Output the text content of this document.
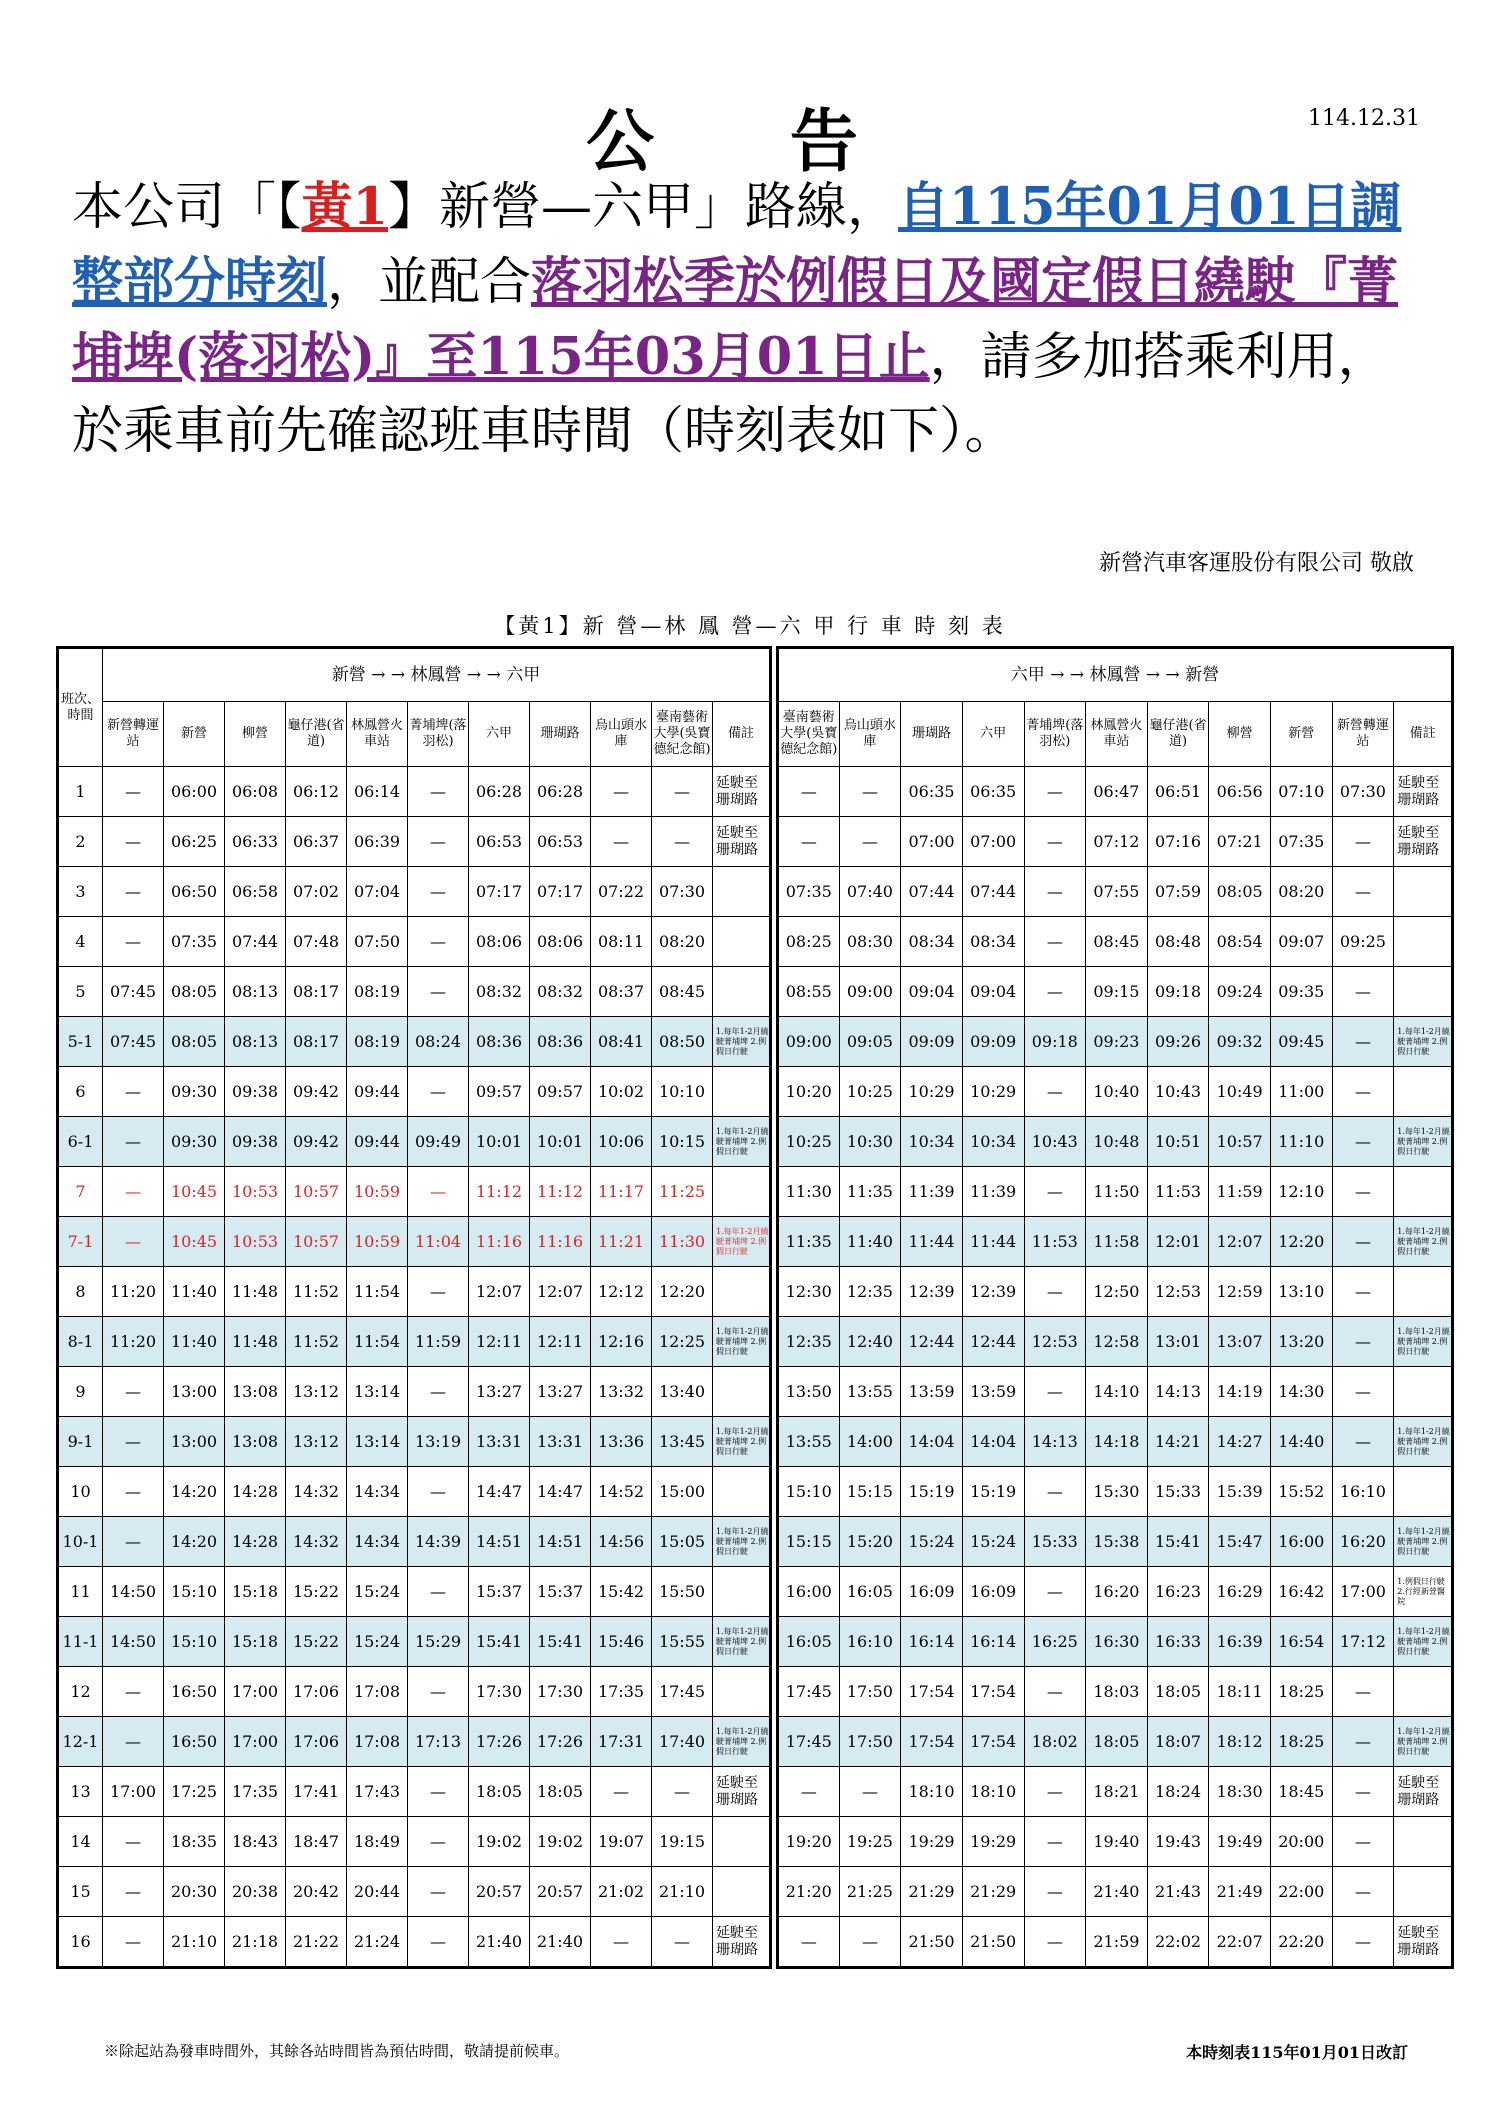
公 告	114.12.31
本公司「【黃1】新營—六甲」路線，自115年01月01日調整部分時刻，並配合落羽松季於例假日及國定假日繞駛『菁埔埤(落羽松)』至115年03月01日止，請多加搭乘利用，於乘車前先確認班車時間（時刻表如下）。
新營汽車客運股份有限公司 敬啟
【黃1】新 營—林 鳳 營—六 甲 行 車 時 刻 表
班次、時間	新營 → → 林鳳營 → → 六甲										
	新營轉運站	新營	柳營	龜仔港(省道)	林鳳營火車站	菁埔埤(落羽松)	六甲	珊瑚路	烏山頭水庫	臺南藝術大學(吳寶德紀念館)	備註
1	—	06:00	06:08	06:12	06:14	—	06:28	06:28	—	—	延駛至珊瑚路
2	—	06:25	06:33	06:37	06:39	—	06:53	06:53	—	—	延駛至珊瑚路
3	—	06:50	06:58	07:02	07:04	—	07:17	07:17	07:22	07:30	
4	—	07:35	07:44	07:48	07:50	—	08:06	08:06	08:11	08:20	
5	07:45	08:05	08:13	08:17	08:19	—	08:32	08:32	08:37	08:45	
5-1	07:45	08:05	08:13	08:17	08:19	08:24	08:36	08:36	08:41	08:50	1.每年1-2月繞駛菁埔埤 2.例假日行駛
6	—	09:30	09:38	09:42	09:44	—	09:57	09:57	10:02	10:10	
6-1	—	09:30	09:38	09:42	09:44	09:49	10:01	10:01	10:06	10:15	1.每年1-2月繞駛菁埔埤 2.例假日行駛
7	—	10:45	10:53	10:57	10:59	—	11:12	11:12	11:17	11:25	
7-1	—	10:45	10:53	10:57	10:59	11:04	11:16	11:16	11:21	11:30	1.每年1-2月繞駛菁埔埤 2.例假日行駛
8	11:20	11:40	11:48	11:52	11:54	—	12:07	12:07	12:12	12:20	
8-1	11:20	11:40	11:48	11:52	11:54	11:59	12:11	12:11	12:16	12:25	1.每年1-2月繞駛菁埔埤 2.例假日行駛
9	—	13:00	13:08	13:12	13:14	—	13:27	13:27	13:32	13:40	
9-1	—	13:00	13:08	13:12	13:14	13:19	13:31	13:31	13:36	13:45	1.每年1-2月繞駛菁埔埤 2.例假日行駛
10	—	14:20	14:28	14:32	14:34	—	14:47	14:47	14:52	15:00	
10-1	—	14:20	14:28	14:32	14:34	14:39	14:51	14:51	14:56	15:05	1.每年1-2月繞駛菁埔埤 2.例假日行駛
11	14:50	15:10	15:18	15:22	15:24	—	15:37	15:37	15:42	15:50	
11-1	14:50	15:10	15:18	15:22	15:24	15:29	15:41	15:41	15:46	15:55	1.每年1-2月繞駛菁埔埤 2.例假日行駛
12	—	16:50	17:00	17:06	17:08	—	17:30	17:30	17:35	17:45	
12-1	—	16:50	17:00	17:06	17:08	17:13	17:26	17:26	17:31	17:40	1.每年1-2月繞駛菁埔埤 2.例假日行駛
13	17:00	17:25	17:35	17:41	17:43	—	18:05	18:05	—	—	延駛至珊瑚路
14	—	18:35	18:43	18:47	18:49	—	19:02	19:02	19:07	19:15	
15	—	20:30	20:38	20:42	20:44	—	20:57	20:57	21:02	21:10	
16	—	21:10	21:18	21:22	21:24	—	21:40	21:40	—	—	延駛至珊瑚路
六甲 → → 林鳳營 → → 新營										
臺南藝術大學(吳寶德紀念館)	烏山頭水庫	珊瑚路	六甲	菁埔埤(落羽松)	林鳳營火車站	龜仔港(省道)	柳營	新營	新營轉運站	備註
—	—	06:35	06:35	—	06:47	06:51	06:56	07:10	07:30	延駛至珊瑚路
—	—	07:00	07:00	—	07:12	07:16	07:21	07:35	—	延駛至珊瑚路
07:35	07:40	07:44	07:44	—	07:55	07:59	08:05	08:20	—	
08:25	08:30	08:34	08:34	—	08:45	08:48	08:54	09:07	09:25	
08:55	09:00	09:04	09:04	—	09:15	09:18	09:24	09:35	—	
09:00	09:05	09:09	09:09	09:18	09:23	09:26	09:32	09:45	—	1.每年1-2月繞駛菁埔埤 2.例假日行駛
10:20	10:25	10:29	10:29	—	10:40	10:43	10:49	11:00	—	
10:25	10:30	10:34	10:34	10:43	10:48	10:51	10:57	11:10	—	1.每年1-2月繞駛菁埔埤 2.例假日行駛
11:30	11:35	11:39	11:39	—	11:50	11:53	11:59	12:10	—	
11:35	11:40	11:44	11:44	11:53	11:58	12:01	12:07	12:20	—	1.每年1-2月繞駛菁埔埤 2.例假日行駛
12:30	12:35	12:39	12:39	—	12:50	12:53	12:59	13:10	—	
12:35	12:40	12:44	12:44	12:53	12:58	13:01	13:07	13:20	—	1.每年1-2月繞駛菁埔埤 2.例假日行駛
13:50	13:55	13:59	13:59	—	14:10	14:13	14:19	14:30	—	
13:55	14:00	14:04	14:04	14:13	14:18	14:21	14:27	14:40	—	1.每年1-2月繞駛菁埔埤 2.例假日行駛
15:10	15:15	15:19	15:19	—	15:30	15:33	15:39	15:52	16:10	
15:15	15:20	15:24	15:24	15:33	15:38	15:41	15:47	16:00	16:20	1.每年1-2月繞駛菁埔埤 2.例假日行駛
16:00	16:05	16:09	16:09	—	16:20	16:23	16:29	16:42	17:00	1.例假日行駛 2.行經新營醫院
16:05	16:10	16:14	16:14	16:25	16:30	16:33	16:39	16:54	17:12	1.每年1-2月繞駛菁埔埤 2.例假日行駛
17:45	17:50	17:54	17:54	—	18:03	18:05	18:11	18:25	—	
17:45	17:50	17:54	17:54	18:02	18:05	18:07	18:12	18:25	—	1.每年1-2月繞駛菁埔埤 2.例假日行駛
—	—	18:10	18:10	—	18:21	18:24	18:30	18:45	—	延駛至珊瑚路
19:20	19:25	19:29	19:29	—	19:40	19:43	19:49	20:00	—	
21:20	21:25	21:29	21:29	—	21:40	21:43	21:49	22:00	—	
—	—	21:50	21:50	—	21:59	22:02	22:07	22:20	—	延駛至珊瑚路
※除起站為發車時間外，其餘各站時間皆為預估時間，敬請提前候車。	本時刻表115年01月01日改訂
